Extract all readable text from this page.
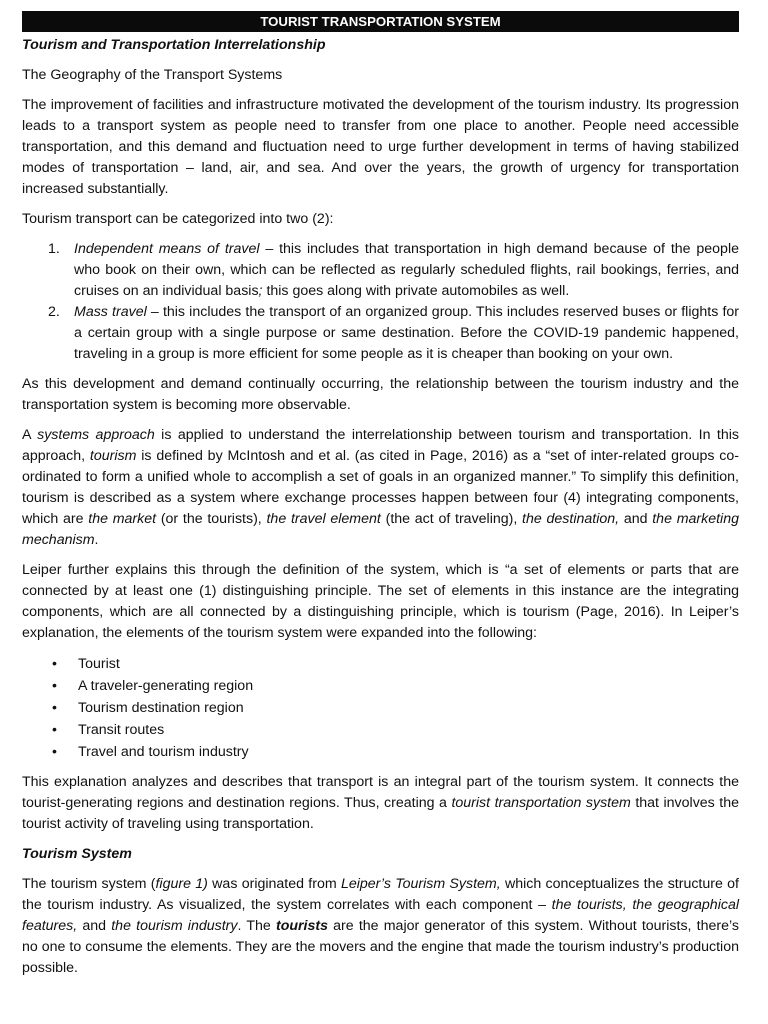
TOURIST TRANSPORTATION SYSTEM

Tourism and Transportation Interrelationship

The Geography of the Transport Systems

The improvement of facilities and infrastructure motivated the development of the tourism industry. Its progression leads to a transport system as people need to transfer from one place to another. People need accessible transportation, and this demand and fluctuation need to urge further development in terms of having stabilized modes of transportation – land, air, and sea. And over the years, the growth of urgency for transportation increased substantially.

Tourism transport can be categorized into two (2):

1. Independent means of travel – this includes that transportation in high demand because of the people who book on their own, which can be reflected as regularly scheduled flights, rail bookings, ferries, and cruises on an individual basis; this goes along with private automobiles as well.
2. Mass travel – this includes the transport of an organized group. This includes reserved buses or flights for a certain group with a single purpose or same destination. Before the COVID-19 pandemic happened, traveling in a group is more efficient for some people as it is cheaper than booking on your own.

As this development and demand continually occurring, the relationship between the tourism industry and the transportation system is becoming more observable.

A systems approach is applied to understand the interrelationship between tourism and transportation. In this approach, tourism is defined by McIntosh and et al. (as cited in Page, 2016) as a “set of inter-related groups co-ordinated to form a unified whole to accomplish a set of goals in an organized manner.” To simplify this definition, tourism is described as a system where exchange processes happen between four (4) integrating components, which are the market (or the tourists), the travel element (the act of traveling), the destination, and the marketing mechanism.

Leiper further explains this through the definition of the system, which is “a set of elements or parts that are connected by at least one (1) distinguishing principle. The set of elements in this instance are the integrating components, which are all connected by a distinguishing principle, which is tourism (Page, 2016). In Leiper’s explanation, the elements of the tourism system were expanded into the following:

• Tourist
• A traveler-generating region
• Tourism destination region
• Transit routes
• Travel and tourism industry

This explanation analyzes and describes that transport is an integral part of the tourism system. It connects the tourist-generating regions and destination regions. Thus, creating a tourist transportation system that involves the tourist activity of traveling using transportation.

Tourism System

The tourism system (figure 1) was originated from Leiper’s Tourism System, which conceptualizes the structure of the tourism industry. As visualized, the system correlates with each component – the tourists, the geographical features, and the tourism industry. The tourists are the major generator of this system. Without tourists, there’s no one to consume the elements. They are the movers and the engine that made the tourism industry’s production possible.
